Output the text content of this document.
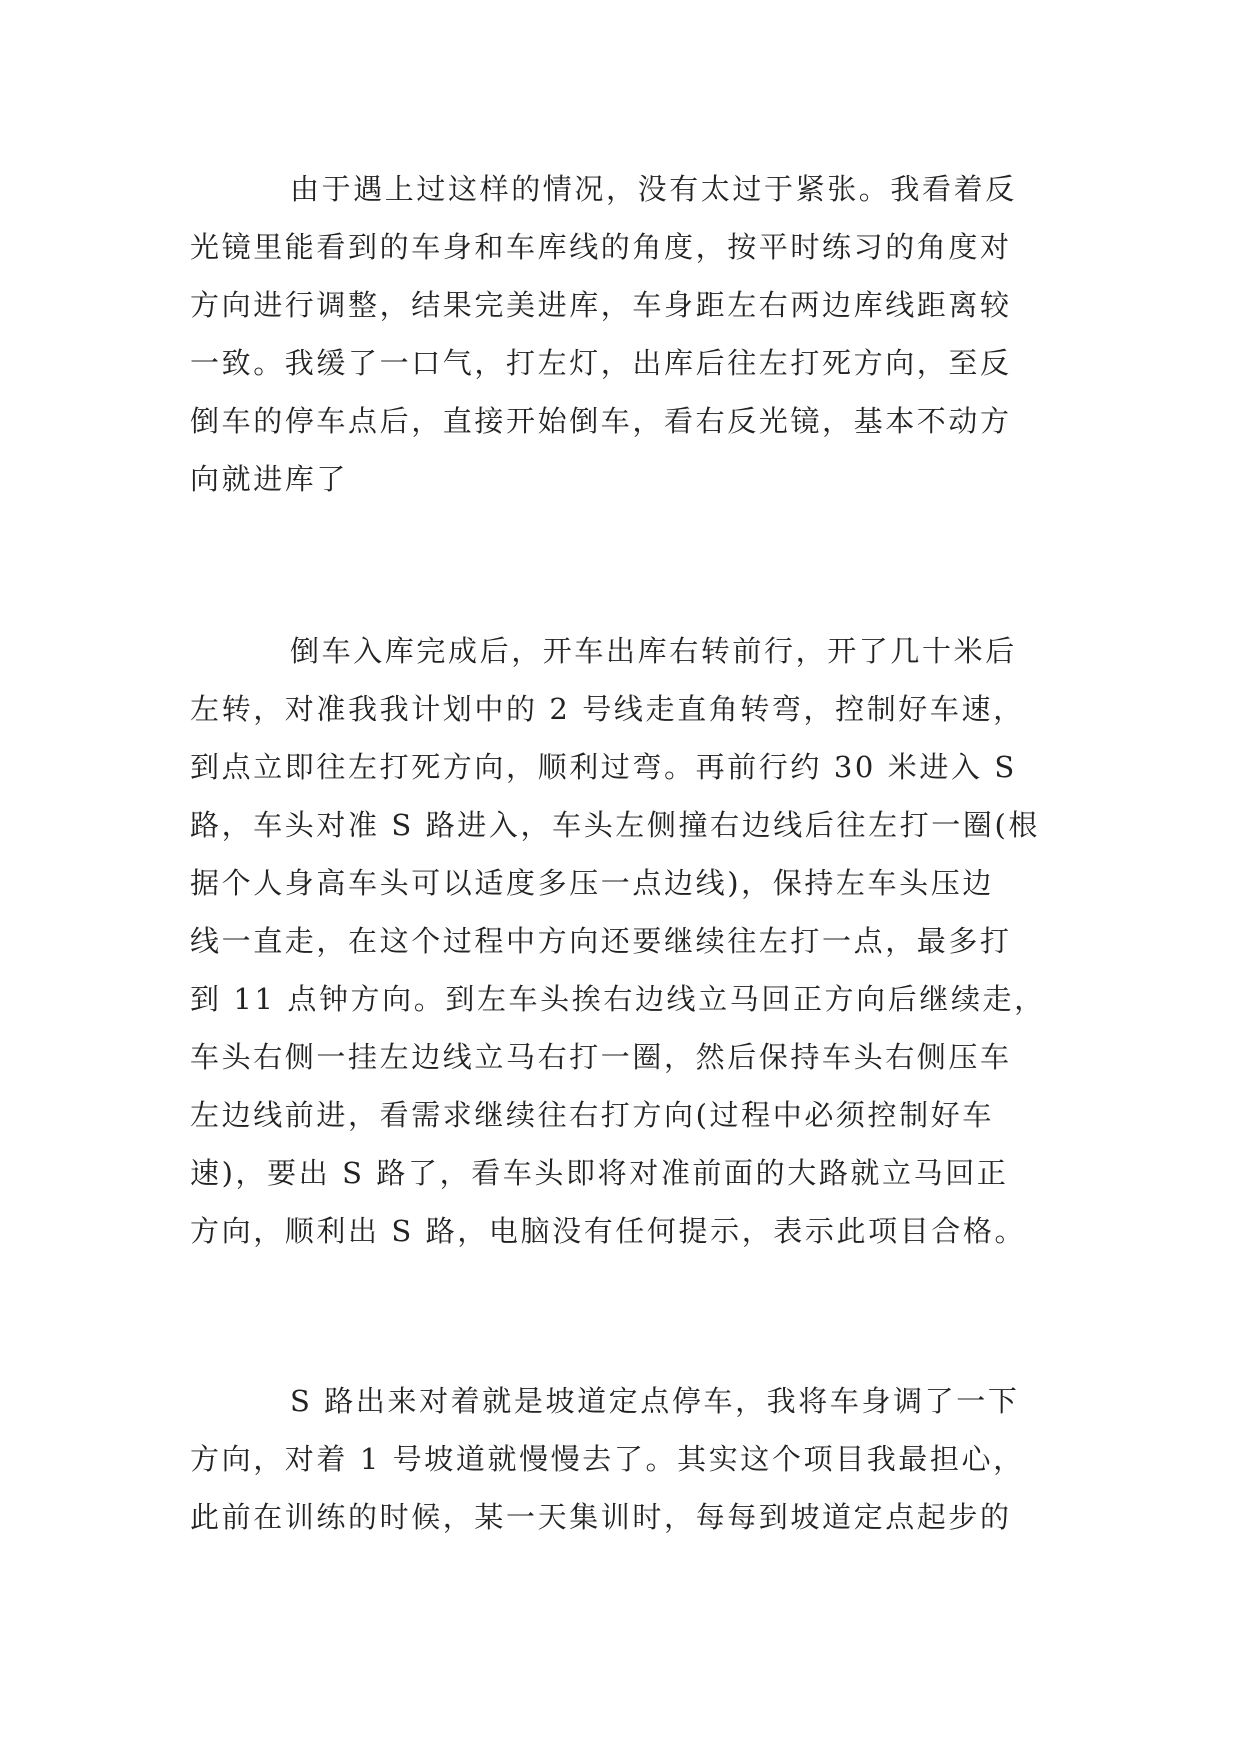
由于遇上过这样的情况，没有太过于紧张。我看着反
光镜里能看到的车身和车库线的角度，按平时练习的角度对
方向进行调整，结果完美进库，车身距左右两边库线距离较
一致。我缓了一口气，打左灯，出库后往左打死方向，至反
倒车的停车点后，直接开始倒车，看右反光镜，基本不动方
向就进库了
倒车入库完成后，开车出库右转前行，开了几十米后
左转，对准我我计划中的 2 号线走直角转弯，控制好车速，
到点立即往左打死方向，顺利过弯。再前行约 30 米进入 S
路，车头对准 S 路进入，车头左侧撞右边线后往左打一圈(根
据个人身高车头可以适度多压一点边线)，保持左车头压边
线一直走，在这个过程中方向还要继续往左打一点，最多打
到 11 点钟方向。到左车头挨右边线立马回正方向后继续走，
车头右侧一挂左边线立马右打一圈，然后保持车头右侧压车
左边线前进，看需求继续往右打方向(过程中必须控制好车
速)，要出 S 路了，看车头即将对准前面的大路就立马回正
方向，顺利出 S 路，电脑没有任何提示，表示此项目合格。
S 路出来对着就是坡道定点停车，我将车身调了一下
方向，对着 1 号坡道就慢慢去了。其实这个项目我最担心，
此前在训练的时候，某一天集训时，每每到坡道定点起步的
